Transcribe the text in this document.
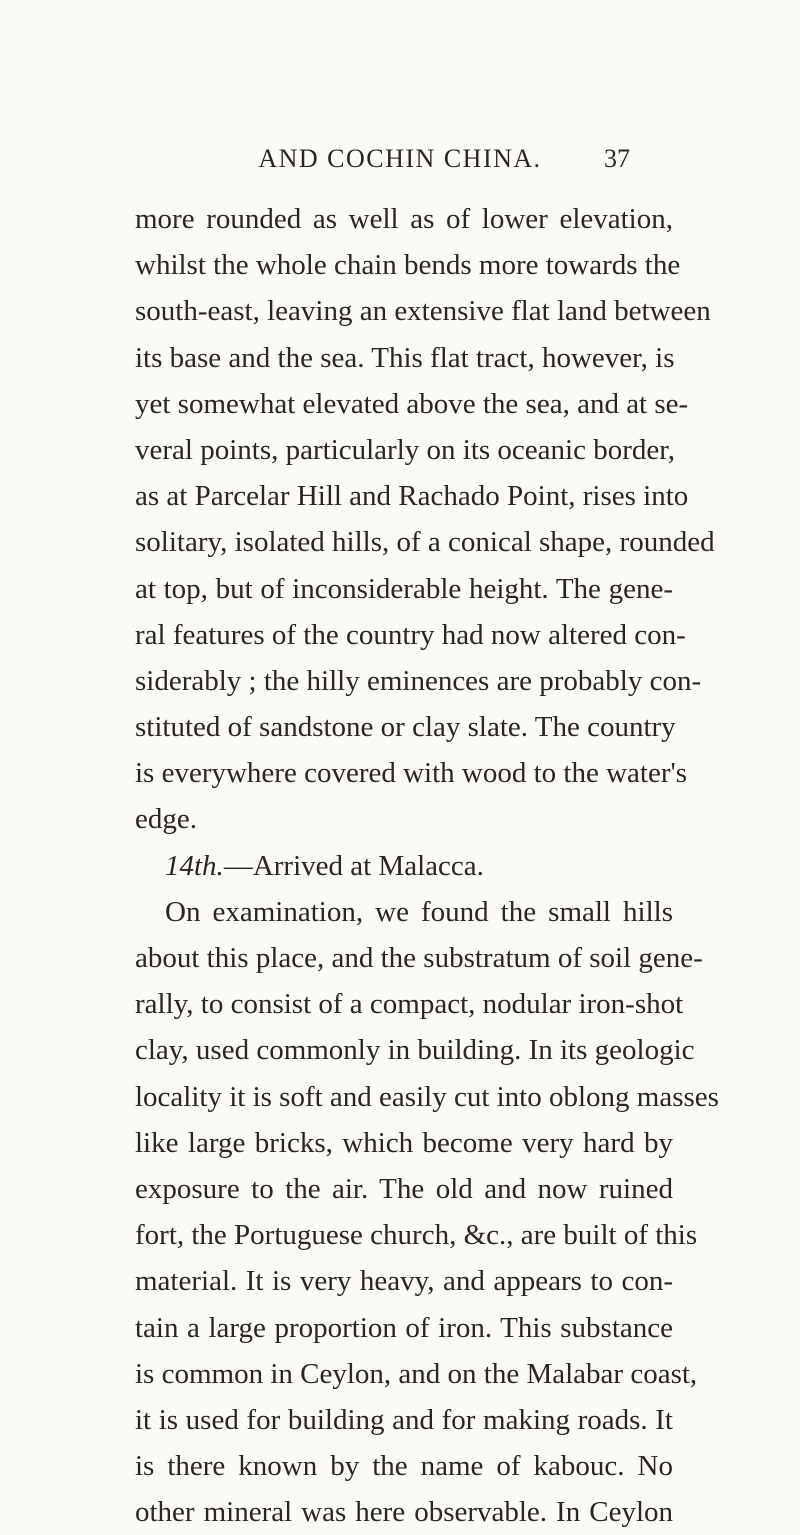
AND COCHIN CHINA.	37
more rounded as well as of lower elevation,
whilst the whole chain bends more towards the
south-east, leaving an extensive flat land between
its base and the sea. This flat tract, however, is
yet somewhat elevated above the sea, and at se-
veral points, particularly on its oceanic border,
as at Parcelar Hill and Rachado Point, rises into
solitary, isolated hills, of a conical shape, rounded
at top, but of inconsiderable height. The gene-
ral features of the country had now altered con-
siderably ; the hilly eminences are probably con-
stituted of sandstone or clay slate. The country
is everywhere covered with wood to the water's
edge.
14th.—Arrived at Malacca.
On examination, we found the small hills
about this place, and the substratum of soil gene-
rally, to consist of a compact, nodular iron-shot
clay, used commonly in building. In its geologic
locality it is soft and easily cut into oblong masses
like large bricks, which become very hard by
exposure to the air. The old and now ruined
fort, the Portuguese church, &c., are built of this
material. It is very heavy, and appears to con-
tain a large proportion of iron. This substance
is common in Ceylon, and on the Malabar coast,
it is used for building and for making roads. It
is there known by the name of kabouc. No
other mineral was here observable. In Ceylon
